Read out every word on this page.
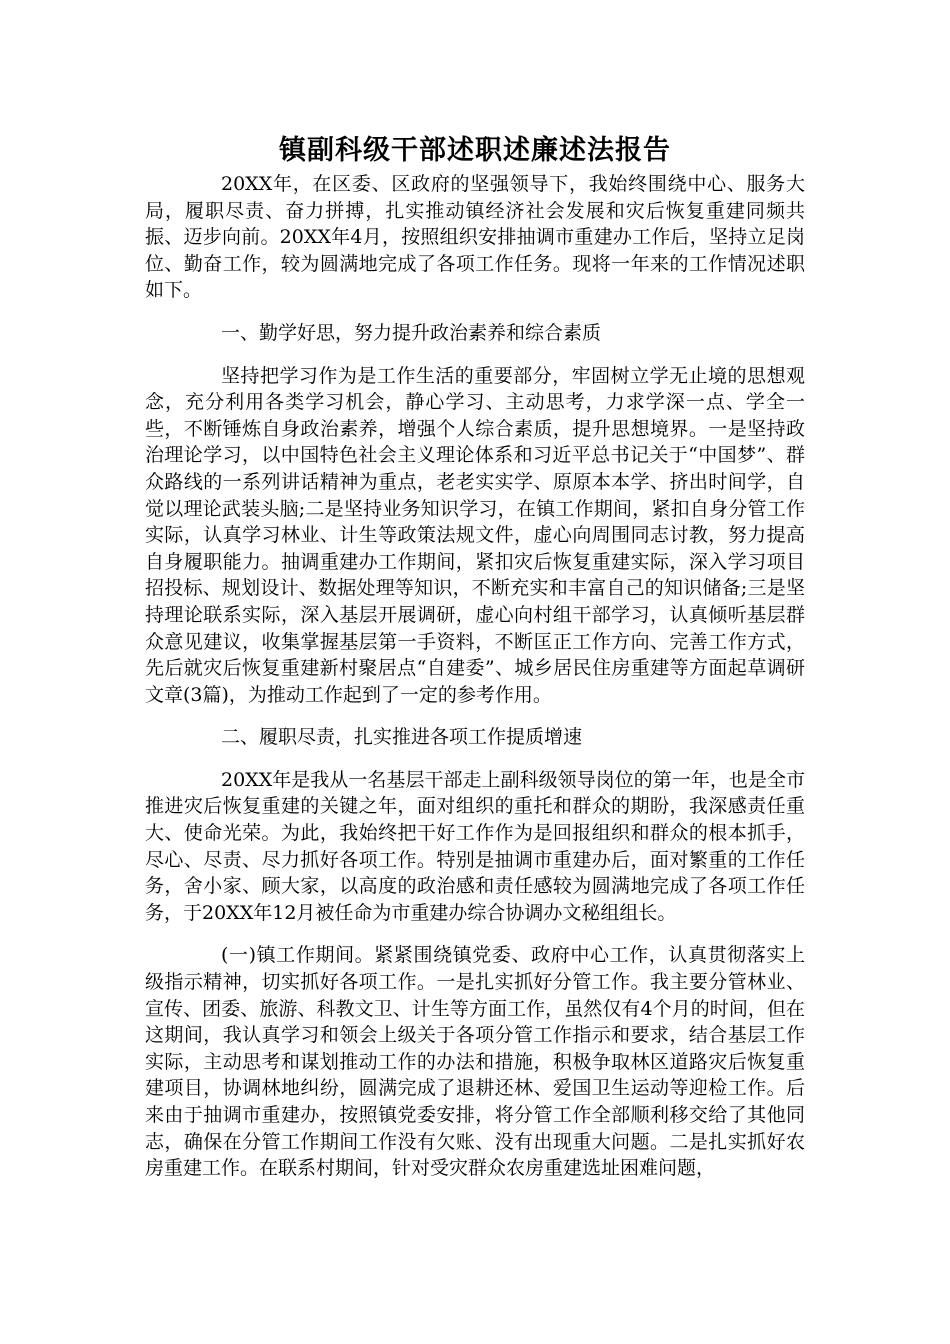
镇副科级干部述职述廉述法报告

20XX年，在区委、区政府的坚强领导下，我始终围绕中心、服务大局，履职尽责、奋力拼搏，扎实推动镇经济社会发展和灾后恢复重建同频共振、迈步向前。20XX年4月，按照组织安排抽调市重建办工作后，坚持立足岗位、勤奋工作，较为圆满地完成了各项工作任务。现将一年来的工作情况述职如下。

一、勤学好思，努力提升政治素养和综合素质

坚持把学习作为是工作生活的重要部分，牢固树立学无止境的思想观念，充分利用各类学习机会，静心学习、主动思考，力求学深一点、学全一些，不断锤炼自身政治素养，增强个人综合素质，提升思想境界。一是坚持政治理论学习，以中国特色社会主义理论体系和习近平总书记关于“中国梦”、群众路线的一系列讲话精神为重点，老老实实学、原原本本学、挤出时间学，自觉以理论武装头脑;二是坚持业务知识学习，在镇工作期间，紧扣自身分管工作实际，认真学习林业、计生等政策法规文件，虚心向周围同志讨教，努力提高自身履职能力。抽调重建办工作期间，紧扣灾后恢复重建实际，深入学习项目招投标、规划设计、数据处理等知识，不断充实和丰富自己的知识储备;三是坚持理论联系实际，深入基层开展调研，虚心向村组干部学习，认真倾听基层群众意见建议，收集掌握基层第一手资料，不断匡正工作方向、完善工作方式，先后就灾后恢复重建新村聚居点“自建委”、城乡居民住房重建等方面起草调研文章(3篇)，为推动工作起到了一定的参考作用。

二、履职尽责，扎实推进各项工作提质增速

20XX年是我从一名基层干部走上副科级领导岗位的第一年，也是全市推进灾后恢复重建的关键之年，面对组织的重托和群众的期盼，我深感责任重大、使命光荣。为此，我始终把干好工作作为是回报组织和群众的根本抓手，尽心、尽责、尽力抓好各项工作。特别是抽调市重建办后，面对繁重的工作任务，舍小家、顾大家，以高度的政治感和责任感较为圆满地完成了各项工作任务，于20XX年12月被任命为市重建办综合协调办文秘组组长。

(一)镇工作期间。紧紧围绕镇党委、政府中心工作，认真贯彻落实上级指示精神，切实抓好各项工作。一是扎实抓好分管工作。我主要分管林业、宣传、团委、旅游、科教文卫、计生等方面工作，虽然仅有4个月的时间，但在这期间，我认真学习和领会上级关于各项分管工作指示和要求，结合基层工作实际，主动思考和谋划推动工作的办法和措施，积极争取林区道路灾后恢复重建项目，协调林地纠纷，圆满完成了退耕还林、爱国卫生运动等迎检工作。后来由于抽调市重建办，按照镇党委安排，将分管工作全部顺利移交给了其他同志，确保在分管工作期间工作没有欠账、没有出现重大问题。二是扎实抓好农房重建工作。在联系村期间，针对受灾群众农房重建选址困难问题，
